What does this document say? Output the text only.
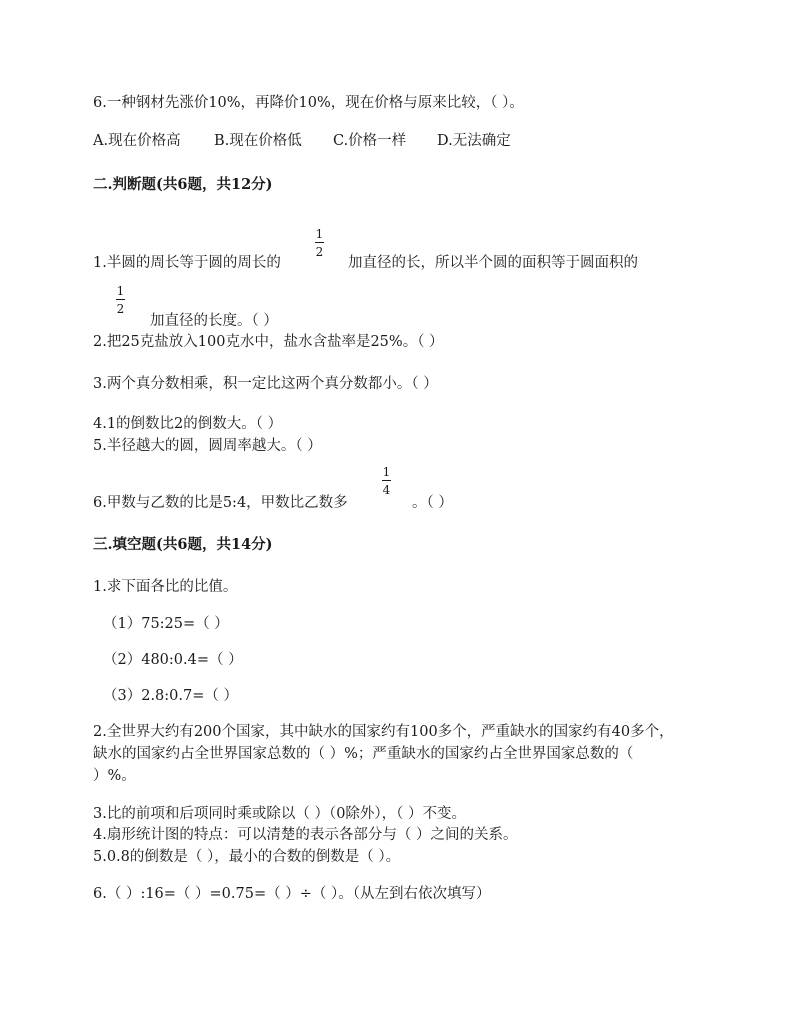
6.一种钢材先涨价10%，再降价10%，现在价格与原来比较，（ ）。
A.现在价格高 B.现在价格低 C.价格一样 D.无法确定
二.判断题(共6题，共12分)
1.半圆的周长等于圆的周长的
1
2
加直径的长，所以半个圆的面积等于圆面积的
1
2
加直径的长度。（ ）
2.把25克盐放入100克水中，盐水含盐率是25%。（ ）
3.两个真分数相乘，积一定比这两个真分数都小。（ ）
4.1的倒数比2的倒数大。（ ）
5.半径越大的圆，圆周率越大。（ ）
6.甲数与乙数的比是5:4，甲数比乙数多
1
4
。（ ）
三.填空题(共6题，共14分)
1.求下面各比的比值。
（1）75:25=（ ）
（2）480:0.4=（ ）
（3）2.8:0.7=（ ）
2.全世界大约有200个国家，其中缺水的国家约有100多个，严重缺水的国家约有40多个，
缺水的国家约占全世界国家总数的（ ）%；严重缺水的国家约占全世界国家总数的（
）%。
3.比的前项和后项同时乘或除以（ ）（0除外），（ ）不变。
4.扇形统计图的特点：可以清楚的表示各部分与（ ）之间的关系。
5.0.8的倒数是（ ），最小的合数的倒数是（ ）。
6.（ ）:16=（ ）=0.75=（ ）÷（ ）。（从左到右依次填写）
